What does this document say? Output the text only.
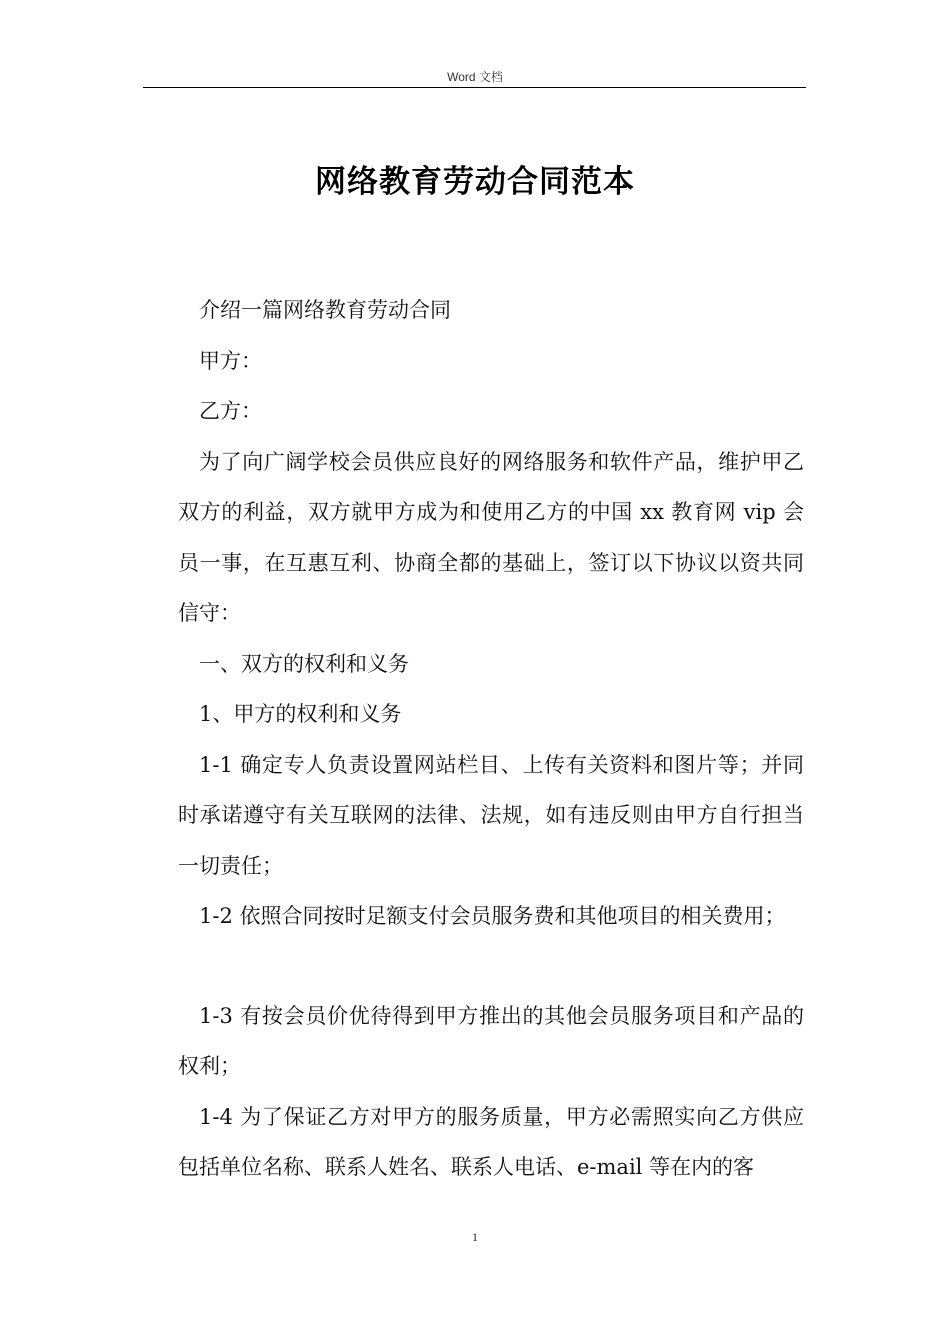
Word 文档
网络教育劳动合同范本

介绍一篇网络教育劳动合同

甲方：

乙方：

为了向广阔学校会员供应良好的网络服务和软件产品，维护甲乙双方的利益，双方就甲方成为和使用乙方的中国 xx 教育网 vip 会员一事，在互惠互利、协商全都的基础上，签订以下协议以资共同信守：

一、双方的权利和义务

1、甲方的权利和义务

1-1 确定专人负责设置网站栏目、上传有关资料和图片等；并同时承诺遵守有关互联网的法律、法规，如有违反则由甲方自行担当一切责任；

1-2 依照合同按时足额支付会员服务费和其他项目的相关费用；

1-3 有按会员价优待得到甲方推出的其他会员服务项目和产品的权利；

1-4 为了保证乙方对甲方的服务质量，甲方必需照实向乙方供应包括单位名称、联系人姓名、联系人电话、e-mail 等在内的客

1
